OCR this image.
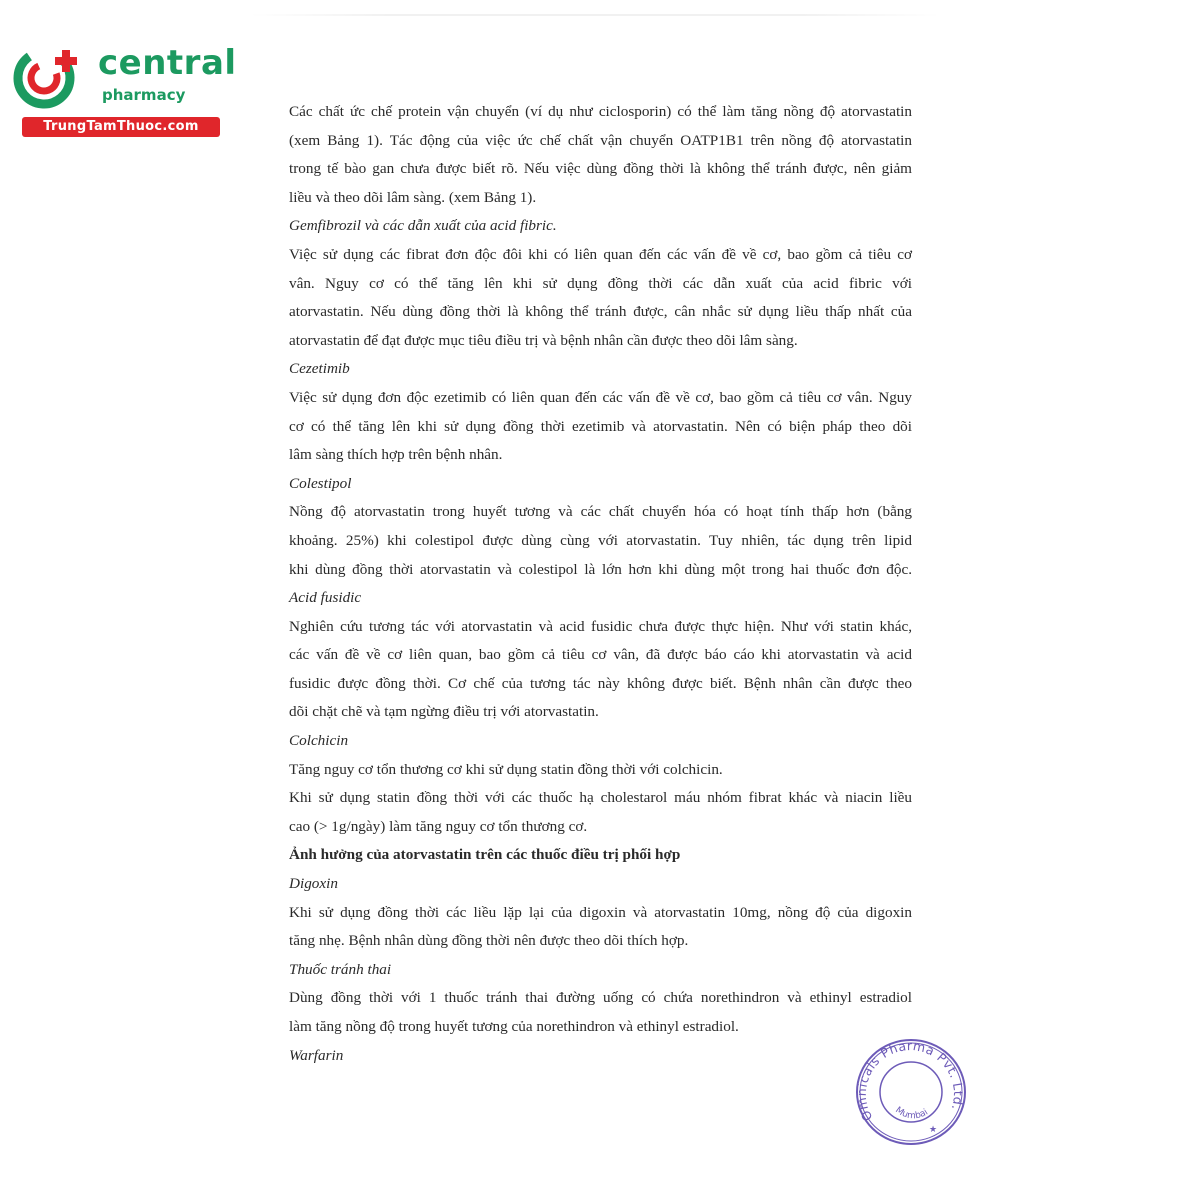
central
pharmacy
TrungTamThuoc.com
Các chất ức chế protein vận chuyển (ví dụ như ciclosporin) có thể làm tăng nồng độ atorvastatin
(xem Bảng 1). Tác động của việc ức chế chất vận chuyển OATP1B1 trên nồng độ atorvastatin
trong tế bào gan chưa được biết rõ. Nếu việc dùng đồng thời là không thể tránh được, nên giảm
liều và theo dõi lâm sàng. (xem Bảng 1).
Gemfibrozil và các dẫn xuất của acid fibric.
Việc sử dụng các fibrat đơn độc đôi khi có liên quan đến các vấn đề về cơ, bao gồm cả tiêu cơ
vân. Nguy cơ có thể tăng lên khi sử dụng đồng thời các dẫn xuất của acid fibric với
atorvastatin. Nếu dùng đồng thời là không thể tránh được, cân nhắc sử dụng liều thấp nhất của
atorvastatin để đạt được mục tiêu điều trị và bệnh nhân cần được theo dõi lâm sàng.
Cezetimib
Việc sử dụng đơn độc ezetimib có liên quan đến các vấn đề về cơ, bao gồm cả tiêu cơ vân. Nguy
cơ có thể tăng lên khi sử dụng đồng thời ezetimib và atorvastatin. Nên có biện pháp theo dõi
lâm sàng thích hợp trên bệnh nhân.
Colestipol
Nồng độ atorvastatin trong huyết tương và các chất chuyển hóa có hoạt tính thấp hơn (bằng
khoảng. 25%) khi colestipol được dùng cùng với atorvastatin. Tuy nhiên, tác dụng trên lipid
khi dùng đồng thời atorvastatin và colestipol là lớn hơn khi dùng một trong hai thuốc đơn độc.
Acid fusidic
Nghiên cứu tương tác với atorvastatin và acid fusidic chưa được thực hiện. Như với statin khác,
các vấn đề về cơ liên quan, bao gồm cả tiêu cơ vân, đã được báo cáo khi atorvastatin và acid
fusidic được đồng thời. Cơ chế của tương tác này không được biết. Bệnh nhân cần được theo
dõi chặt chẽ và tạm ngừng điều trị với atorvastatin.
Colchicin
Tăng nguy cơ tổn thương cơ khi sử dụng statin đồng thời với colchicin.
Khi sử dụng statin đồng thời với các thuốc hạ cholestarol máu nhóm fibrat khác và niacin liều
cao (> 1g/ngày) làm tăng nguy cơ tổn thương cơ.
Ảnh hưởng của atorvastatin trên các thuốc điều trị phối hợp
Digoxin
Khi sử dụng đồng thời các liều lặp lại của digoxin và atorvastatin 10mg, nồng độ của digoxin
tăng nhẹ. Bệnh nhân dùng đồng thời nên được theo dõi thích hợp.
Thuốc tránh thai
Dùng đồng thời với 1 thuốc tránh thai đường uống có chứa norethindron và ethinyl estradiol
làm tăng nồng độ trong huyết tương của norethindron và ethinyl estradiol.
Warfarin
Omnicals Pharma Pvt. Ltd.
Mumbai
★
